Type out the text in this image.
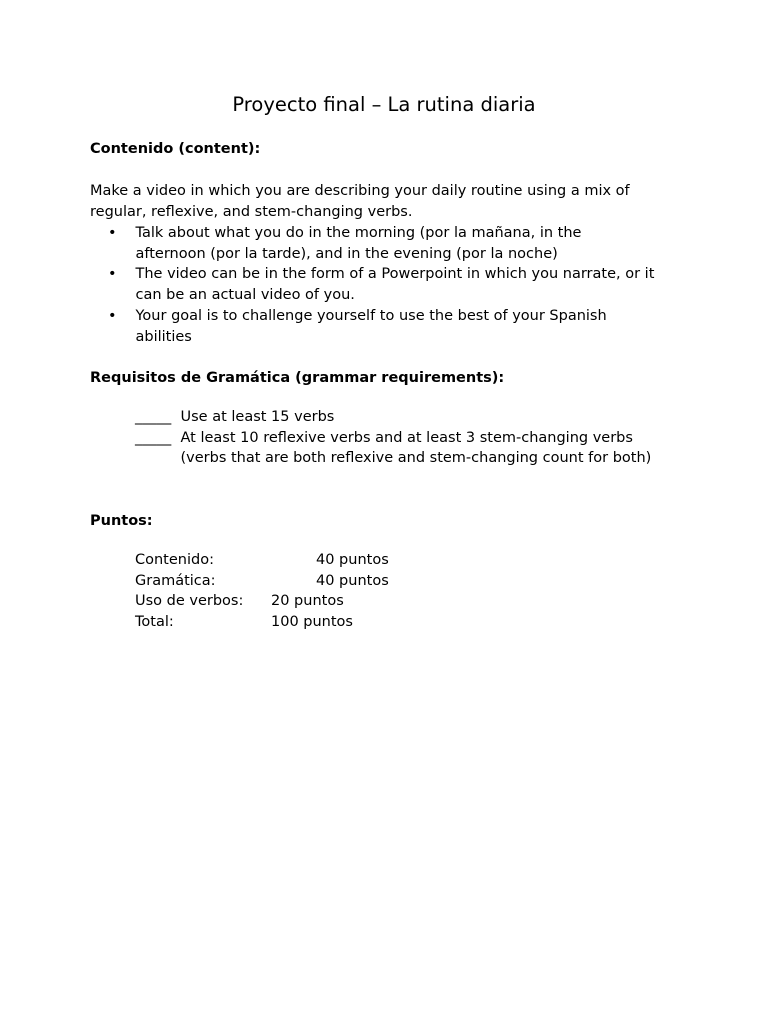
Proyecto final – La rutina diaria

Contenido (content):

Make a video in which you are describing your daily routine using a mix of
regular, reflexive, and stem-changing verbs.

• Talk about what you do in the morning (por la mañana, in the
afternoon (por la tarde), and in the evening (por la noche)
• The video can be in the form of a Powerpoint in which you narrate, or it
can be an actual video of you.
• Your goal is to challenge yourself to use the best of your Spanish
abilities

Requisitos de Gramática (grammar requirements):

_____ Use at least 15 verbs
_____ At least 10 reflexive verbs and at least 3 stem-changing verbs
(verbs that are both reflexive and stem-changing count for both)

Puntos:

Contenido:	40 puntos
Gramática:	40 puntos
Uso de verbos: 20 puntos
Total:	100 puntos
